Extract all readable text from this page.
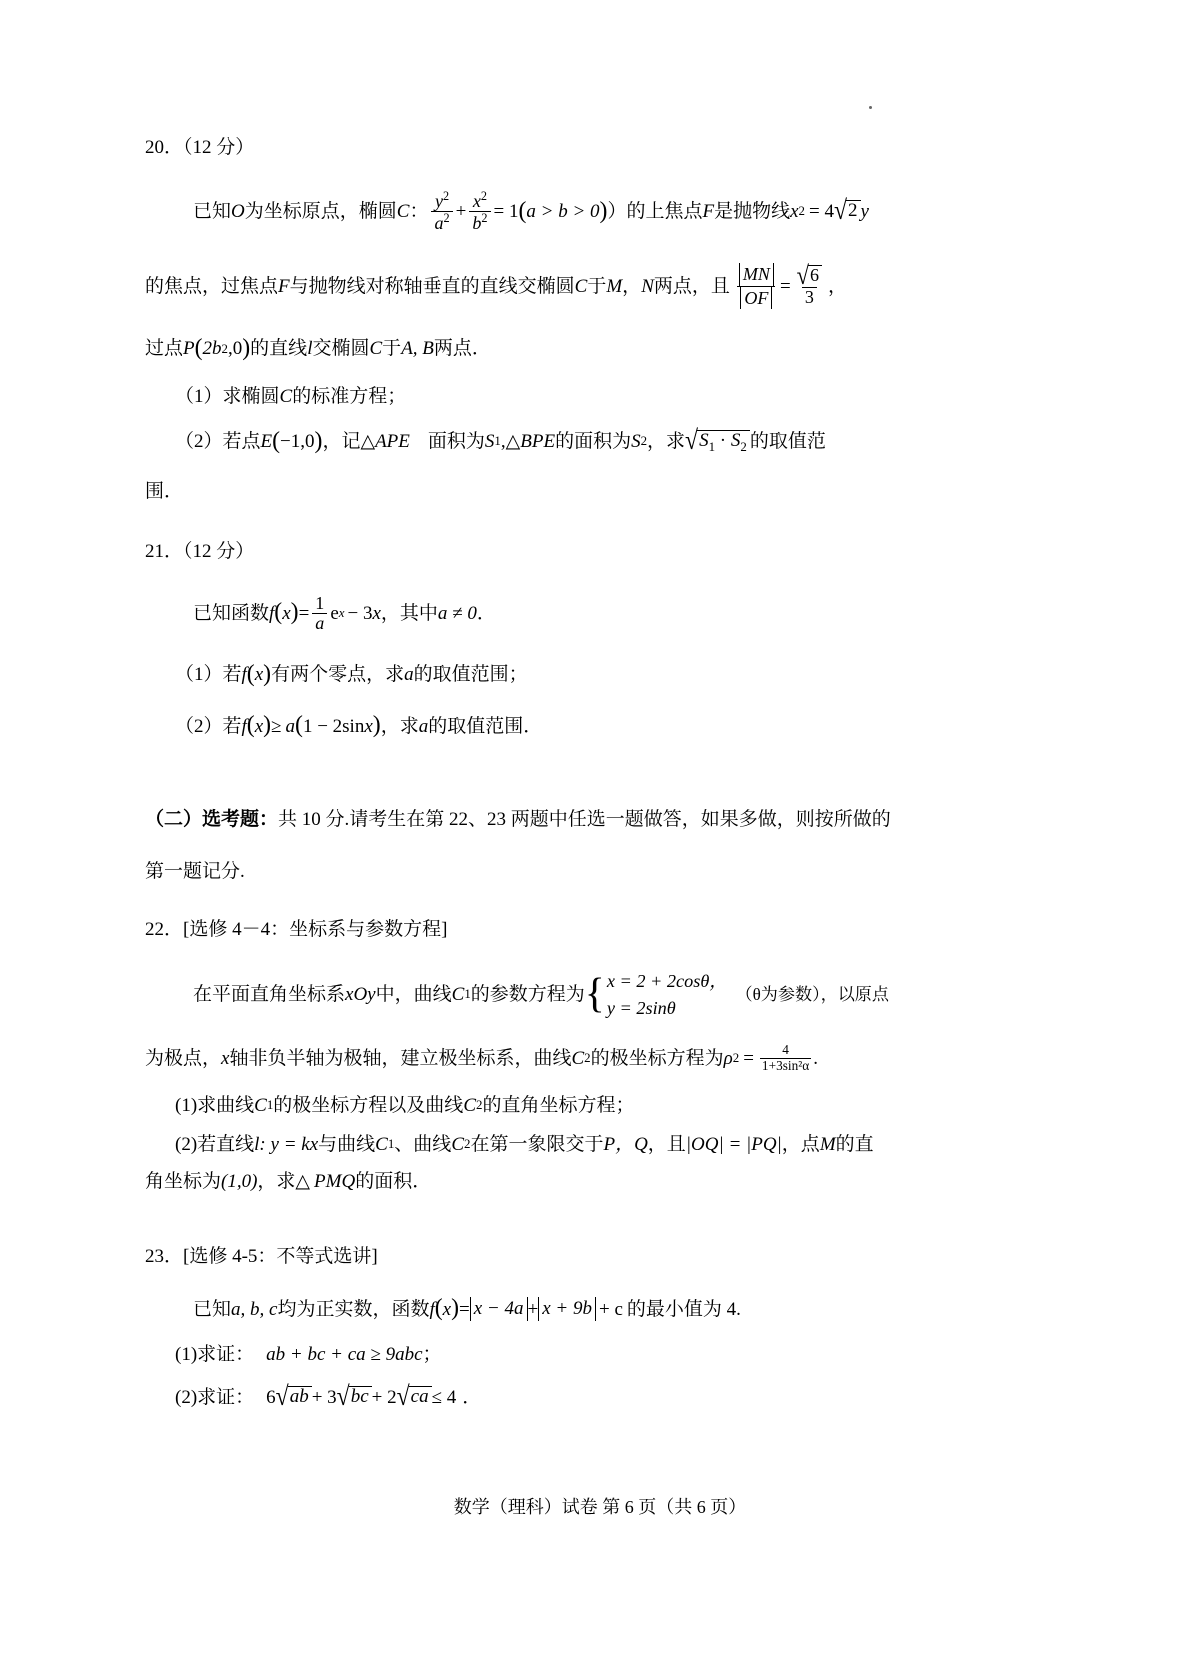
20．（12 分）
已知 O 为坐标原点，椭圆 C ： $\frac{y^2}{a^2} + \frac{x^2}{b^2} = 1$ ( a > b > 0 ) ）的上焦点 F 是抛物线 x 2 = 4 √ 2 y
的焦点，过焦点 F 与抛物线对称轴垂直的直线交椭圆 C 于 M ， N 两点，且 $\frac{MN}{OF} = \frac{√ 6}{3}$ ，
过点 P ( 2b 2 ,0 ) 的直线 l 交椭圆 C 于 A, B 两点．
（1）求椭圆 C 的标准方程；
（2）若点 E ( −1,0 ) ，记△ APE 面积为 S 1 ,△ BPE 的面积为 S 2 ，求 √ $S_1 \cdot S_2$ 的取值范
围．
21．（12 分）
已知函数 f ( x ) = $\frac{1}{a}$ e x − 3 x ，其中 a ≠ 0 ．
（1）若 f ( x ) 有两个零点，求 a 的取值范围；
（2）若 f ( x ) ≥ a ( 1 − 2sin x ) ，求 a 的取值范围．
（二）选考题：共 10 分.请考生在第 22、23 两题中任选一题做答，如果多做，则按所做的
第一题记分.
22．[选修 4－4：坐标系与参数方程]
在平面直角坐标系 xOy 中，曲线 C 1 的参数方程为 { x = 2 + 2cosθ，
y = 2sinθ
（θ为参数），以原点
为极点， x 轴非负半轴为极轴，建立极坐标系，曲线 C 2 的极坐标方程为 ρ $2 = \frac{4}{\text{1+3sin²α}}$ .
(1)求曲线 C 1 的极坐标方程以及曲线 C 2 的直角坐标方程；
(2)若直线 l: y = kx 与曲线 C 1 、曲线 C 2 在第一象限交于 P，Q ，且 |OQ| = |PQ| ，点 M 的直
角坐标为 (1,0) ，求△ PMQ 的面积．
23．[选修 4-5：不等式选讲]
已知 a, b, c 均为正实数，函数 f ( x ) = x − 4a + x + 9b + c 的最小值为 4.
(1)求证： ab + bc + ca ≥ 9abc ；
(2)求证： 6 √ ab + 3 √ bc + 2 √ ca ≤ 4 ．
数学（理科）试卷 第 6 页（共 6 页）
